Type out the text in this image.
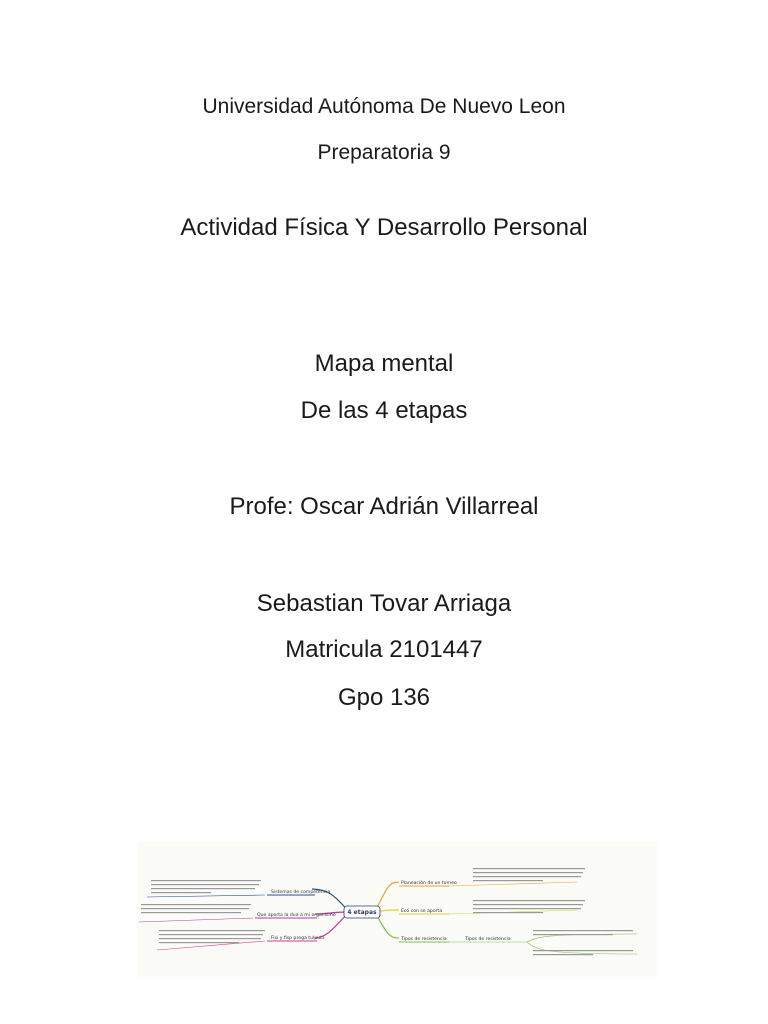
Universidad Autónoma De Nuevo Leon
Preparatoria 9
Actividad Física Y Desarrollo Personal
Mapa mental
De las 4 etapas
Profe: Oscar Adrián Villarreal
Sebastian Tovar Arriaga
Matricula 2101447
Gpo 136
4 etapas
Sistemas de competencia
Que aporta la dua a mi organismo
Fisi y fisp prega tulpulo
Planeación de un torneo
Ecó con se aporta
Tipos de resistencia	Tipos de resistencia
